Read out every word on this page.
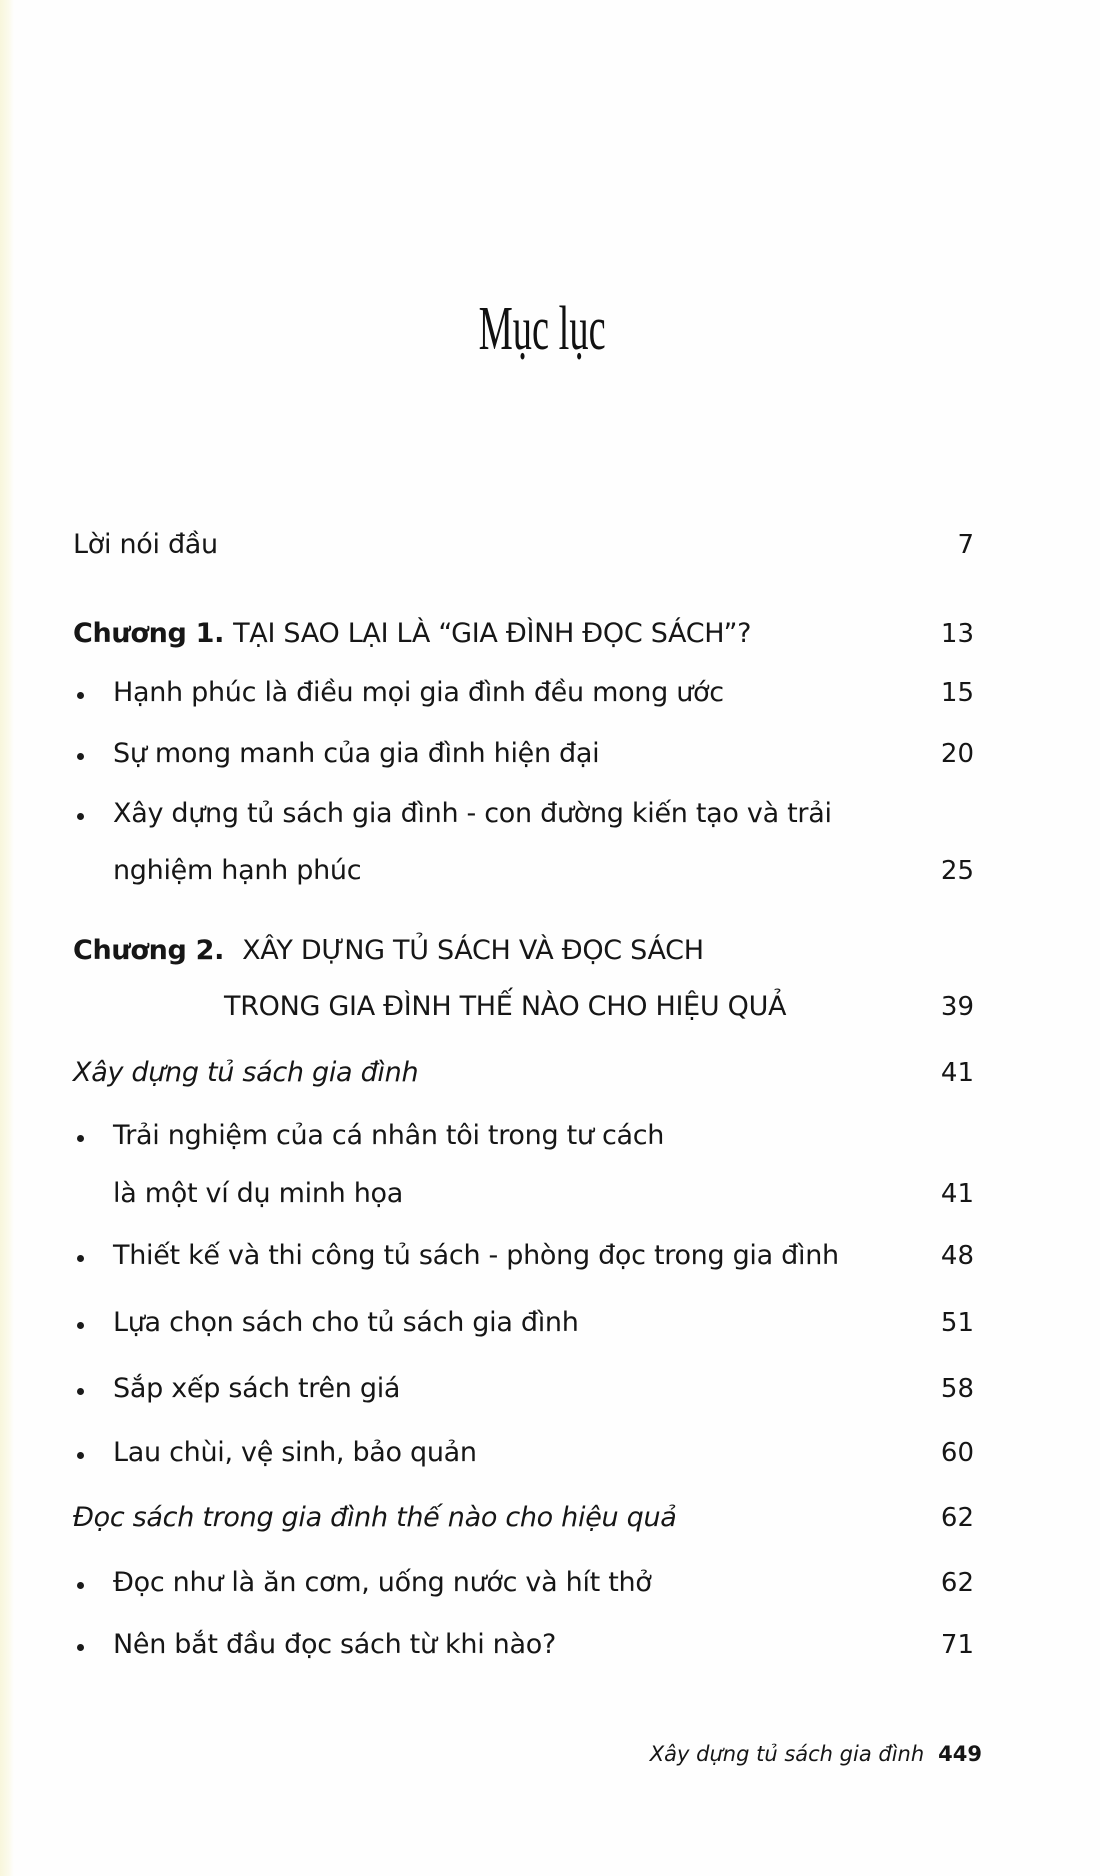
Mục lục
Lời nói đầu	7
Chương 1. TẠI SAO LẠI LÀ “GIA ĐÌNH ĐỌC SÁCH”?	13
Hạnh phúc là điều mọi gia đình đều mong ước	15
Sự mong manh của gia đình hiện đại	20
Xây dựng tủ sách gia đình - con đường kiến tạo và trải
nghiệm hạnh phúc	25
Chương 2. XÂY DỰNG TỦ SÁCH VÀ ĐỌC SÁCH
TRONG GIA ĐÌNH THẾ NÀO CHO HIỆU QUẢ	39
Xây dựng tủ sách gia đình	41
Trải nghiệm của cá nhân tôi trong tư cách
là một ví dụ minh họa	41
Thiết kế và thi công tủ sách - phòng đọc trong gia đình	48
Lựa chọn sách cho tủ sách gia đình	51
Sắp xếp sách trên giá	58
Lau chùi, vệ sinh, bảo quản	60
Đọc sách trong gia đình thế nào cho hiệu quả	62
Đọc như là ăn cơm, uống nước và hít thở	62
Nên bắt đầu đọc sách từ khi nào?	71
Xây dựng tủ sách gia đình 449
